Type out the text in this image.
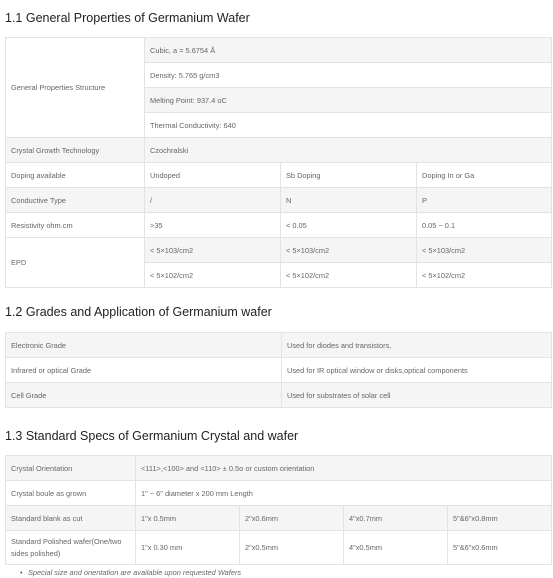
1.1 General Properties of Germanium Wafer
General Properties Structure	Cubic, a = 5.6754 Å		
	Density: 5.765 g/cm3		
	Melting Point: 937.4 oC		
	Thermal Conductivity: 640		
Crystal Growth Technology	Czochralski		
Doping available	Undoped	Sb Doping	Doping In or Ga
Conductive Type	/	N	P
Resistivity ohm.cm	>35	< 0.05	0.05 ~ 0.1
EPD	< 5×103/cm2	< 5×103/cm2	< 5×103/cm2
	< 5×102/cm2	< 5×102/cm2	< 5×102/cm2
1.2 Grades and Application of Germanium wafer
Electronic Grade	Used for diodes and transistors,
Infrared or optical Grade	Used for IR optical window or disks,optical components
Cell Grade	Used for substrates of solar cell
1.3 Standard Specs of Germanium Crystal and wafer
Crystal Orientation	<111>,<100> and <110> ± 0.5o or custom orientation			
Crystal boule as grown	1" ~ 6" diameter x 200 mm Length			
Standard blank as cut	1"x 0.5mm	2"x0.6mm	4"x0.7mm	5"&6"x0.8mm
Standard Polished wafer(One/two sides polished)	1"x 0.30 mm	2"x0.5mm	4"x0.5mm	5"&6"x0.6mm
• Special size and orientation are available upon requested Wafers
